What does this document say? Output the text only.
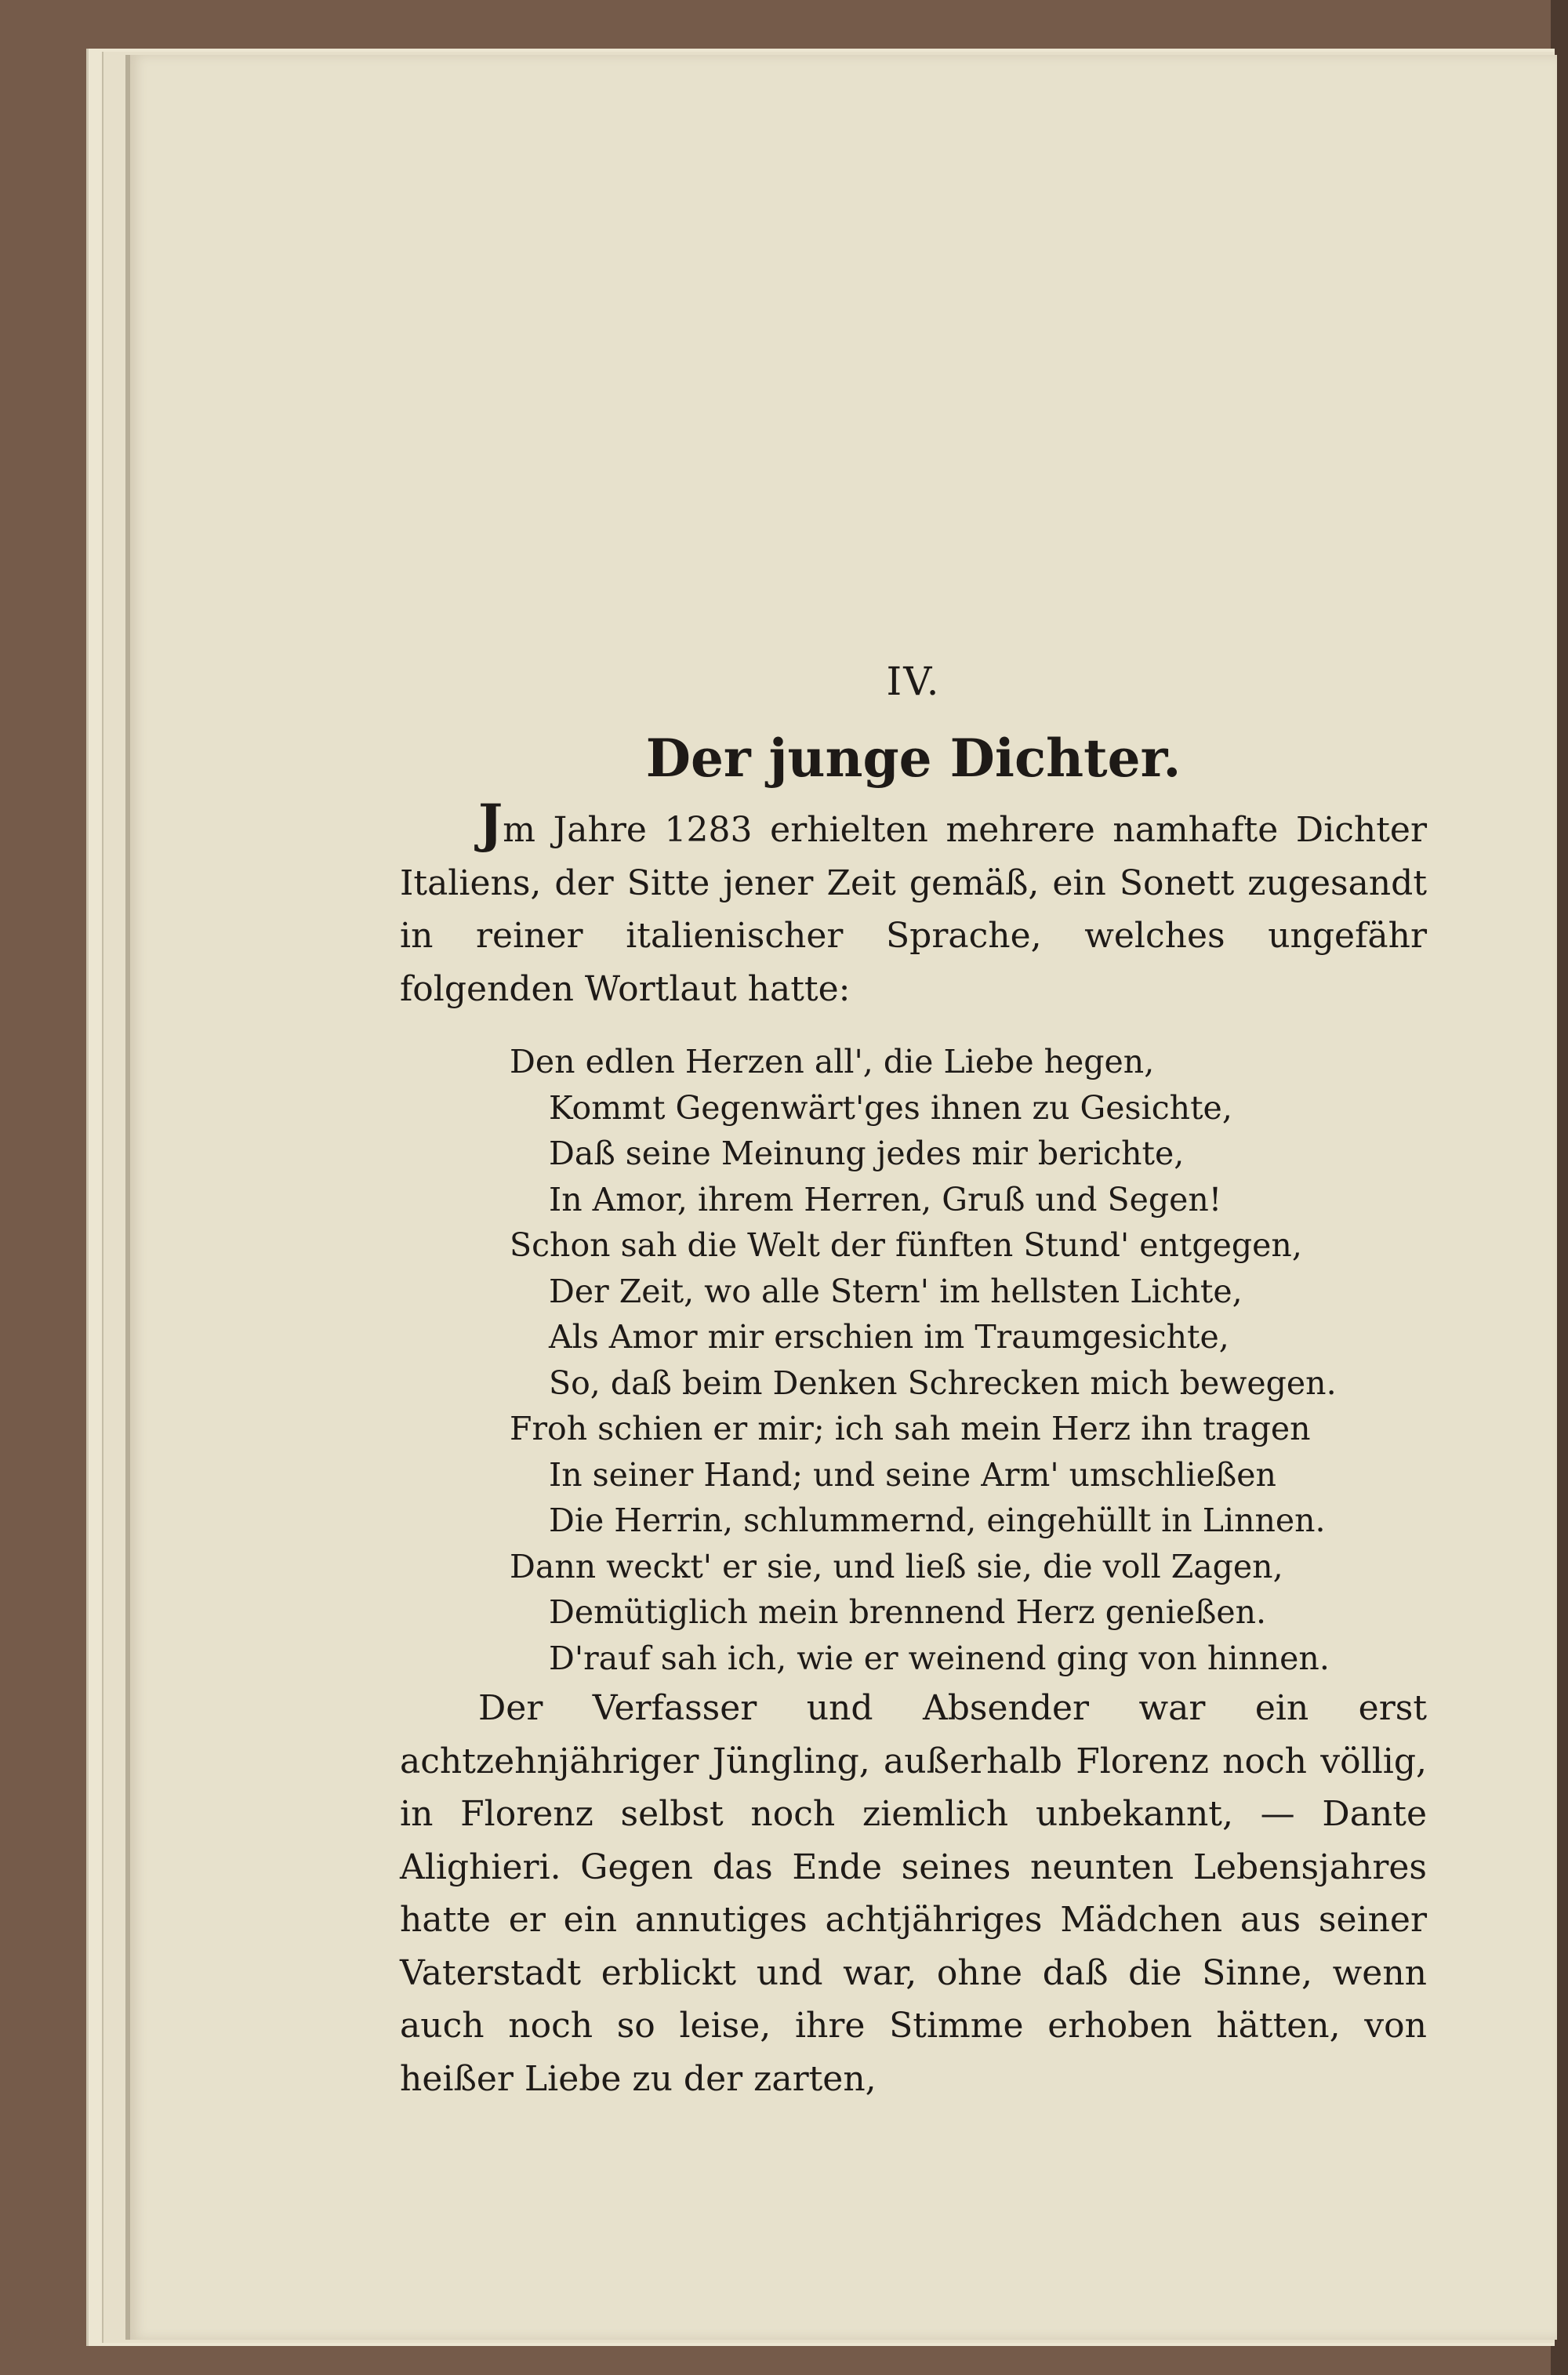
IV.
Der junge Dichter.

Jm Jahre 1283 erhielten mehrere namhafte Dichter Italiens, der Sitte jener Zeit gemäß, ein Sonett zugesandt in reiner italienischer Sprache, welches ungefähr folgenden Wortlaut hatte:

Den edlen Herzen all', die Liebe hegen,
Kommt Gegenwärt'ges ihnen zu Gesichte,
Daß seine Meinung jedes mir berichte,
In Amor, ihrem Herren, Gruß und Segen!
Schon sah die Welt der fünften Stund' entgegen,
Der Zeit, wo alle Stern' im hellsten Lichte,
Als Amor mir erschien im Traumgesichte,
So, daß beim Denken Schrecken mich bewegen.
Froh schien er mir; ich sah mein Herz ihn tragen
In seiner Hand; und seine Arm' umschließen
Die Herrin, schlummernd, eingehüllt in Linnen.
Dann weckt' er sie, und ließ sie, die voll Zagen,
Demütiglich mein brennend Herz genießen.
D'rauf sah ich, wie er weinend ging von hinnen.

Der Verfasser und Absender war ein erst achtzehnjähriger Jüngling, außerhalb Florenz noch völlig, in Florenz selbst noch ziemlich unbekannt, — Dante Alighieri. Gegen das Ende seines neunten Lebensjahres hatte er ein annutiges achtjähriges Mädchen aus seiner Vaterstadt erblickt und war, ohne daß die Sinne, wenn auch noch so leise, ihre Stimme erhoben hätten, von heißer Liebe zu der zarten,
